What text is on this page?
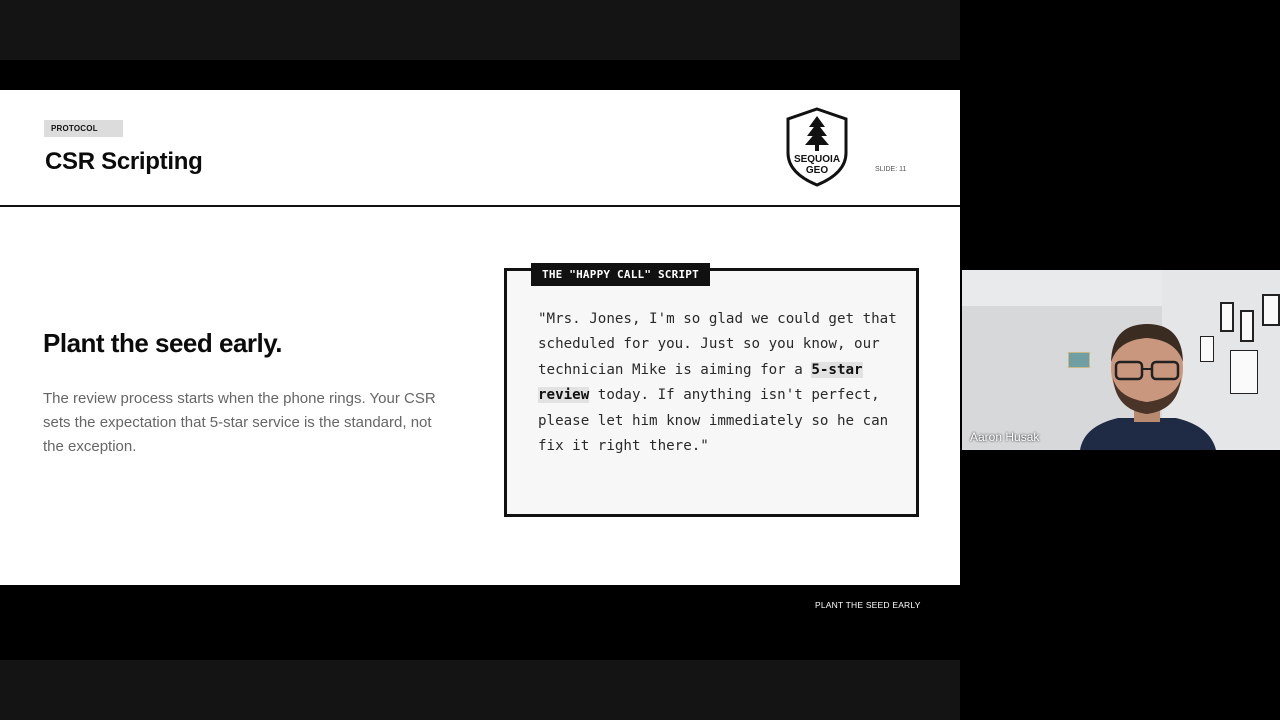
PROTOCOL
CSR Scripting	SEQUOIA
GEO	SLIDE: 11
Plant the seed early.
The review process starts when the phone rings. Your CSR sets the expectation that 5-star service is the standard, not the exception.
THE "HAPPY CALL" SCRIPT
"Mrs. Jones, I'm so glad we could get that scheduled for you. Just so you know, our technician Mike is aiming for a 5-star review today. If anything isn't perfect, please let him know immediately so he can fix it right there."
PLANT THE SEED EARLY
Aaron Husak
